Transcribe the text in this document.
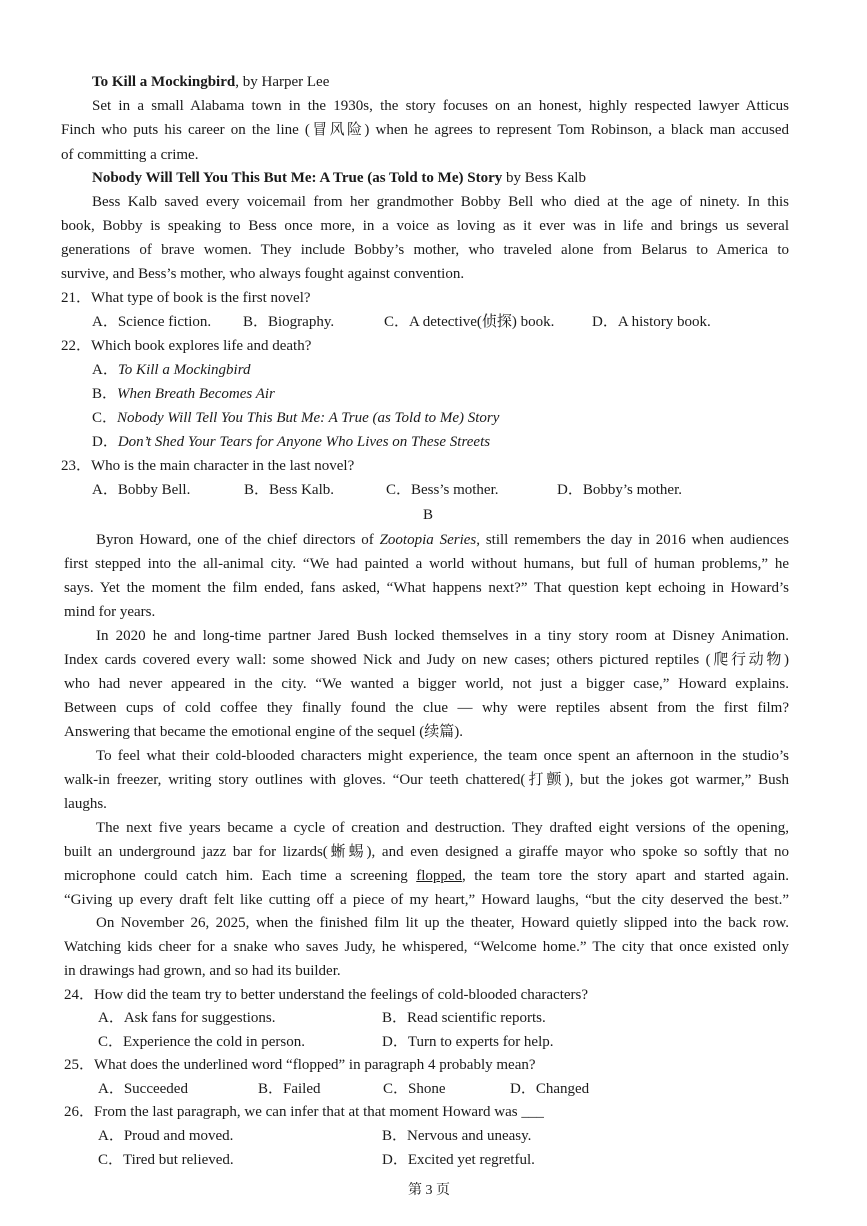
To Kill a Mockingbird, by Harper Lee
Set in a small Alabama town in the 1930s, the story focuses on an honest, highly respected lawyer Atticus
Finch who puts his career on the line (冒风险) when he agrees to represent Tom Robinson, a black man accused
of committing a crime.
Nobody Will Tell You This But Me: A True (as Told to Me) Story by Bess Kalb
Bess Kalb saved every voicemail from her grandmother Bobby Bell who died at the age of ninety. In this
book, Bobby is speaking to Bess once more, in a voice as loving as it ever was in life and brings us several
generations of brave women. They include Bobby’s mother, who traveled alone from Belarus to America to
survive, and Bess’s mother, who always fought against convention.
21．What type of book is the first novel?
A．Science fiction. B．Biography.	C．A detective(侦探) book.	D．A history book.
22．Which book explores life and death?
A．To Kill a Mockingbird
B．When Breath Becomes Air
C．Nobody Will Tell You This But Me: A True (as Told to Me) Story
D．Don’t Shed Your Tears for Anyone Who Lives on These Streets
23．Who is the main character in the last novel?
A．Bobby Bell.	B．Bess Kalb.	C．Bess’s mother.	D．Bobby’s mother.
B
Byron Howard, one of the chief directors of Zootopia Series, still remembers the day in 2016 when audiences
first stepped into the all-animal city. “We had painted a world without humans, but full of human problems,” he
says. Yet the moment the film ended, fans asked, “What happens next?” That question kept echoing in Howard’s
mind for years.
In 2020 he and long-time partner Jared Bush locked themselves in a tiny story room at Disney Animation.
Index cards covered every wall: some showed Nick and Judy on new cases; others pictured reptiles (爬行动物)
who had never appeared in the city. “We wanted a bigger world, not just a bigger case,” Howard explains.
Between cups of cold coffee they finally found the clue — why were reptiles absent from the first film?
Answering that became the emotional engine of the sequel (续篇).
To feel what their cold-blooded characters might experience, the team once spent an afternoon in the studio’s
walk-in freezer, writing story outlines with gloves. “Our teeth chattered(打颤), but the jokes got warmer,” Bush
laughs.
The next five years became a cycle of creation and destruction. They drafted eight versions of the opening,
built an underground jazz bar for lizards(蜥蜴), and even designed a giraffe mayor who spoke so softly that no
microphone could catch him. Each time a screening flopped, the team tore the story apart and started again.
“Giving up every draft felt like cutting off a piece of my heart,” Howard laughs, “but the city deserved the best.”
On November 26, 2025, when the finished film lit up the theater, Howard quietly slipped into the back row.
Watching kids cheer for a snake who saves Judy, he whispered, “Welcome home.” The city that once existed only
in drawings had grown, and so had its builder.
24．How did the team try to better understand the feelings of cold-blooded characters?
A．Ask fans for suggestions.	B．Read scientific reports.
C．Experience the cold in person.	D．Turn to experts for help.
25．What does the underlined word “flopped” in paragraph 4 probably mean?
A．Succeeded	B．Failed	C．Shone	D．Changed
26．From the last paragraph, we can infer that at that moment Howard was ___
A．Proud and moved.	B．Nervous and uneasy.
C．Tired but relieved.	D．Excited yet regretful.
第 3 页
